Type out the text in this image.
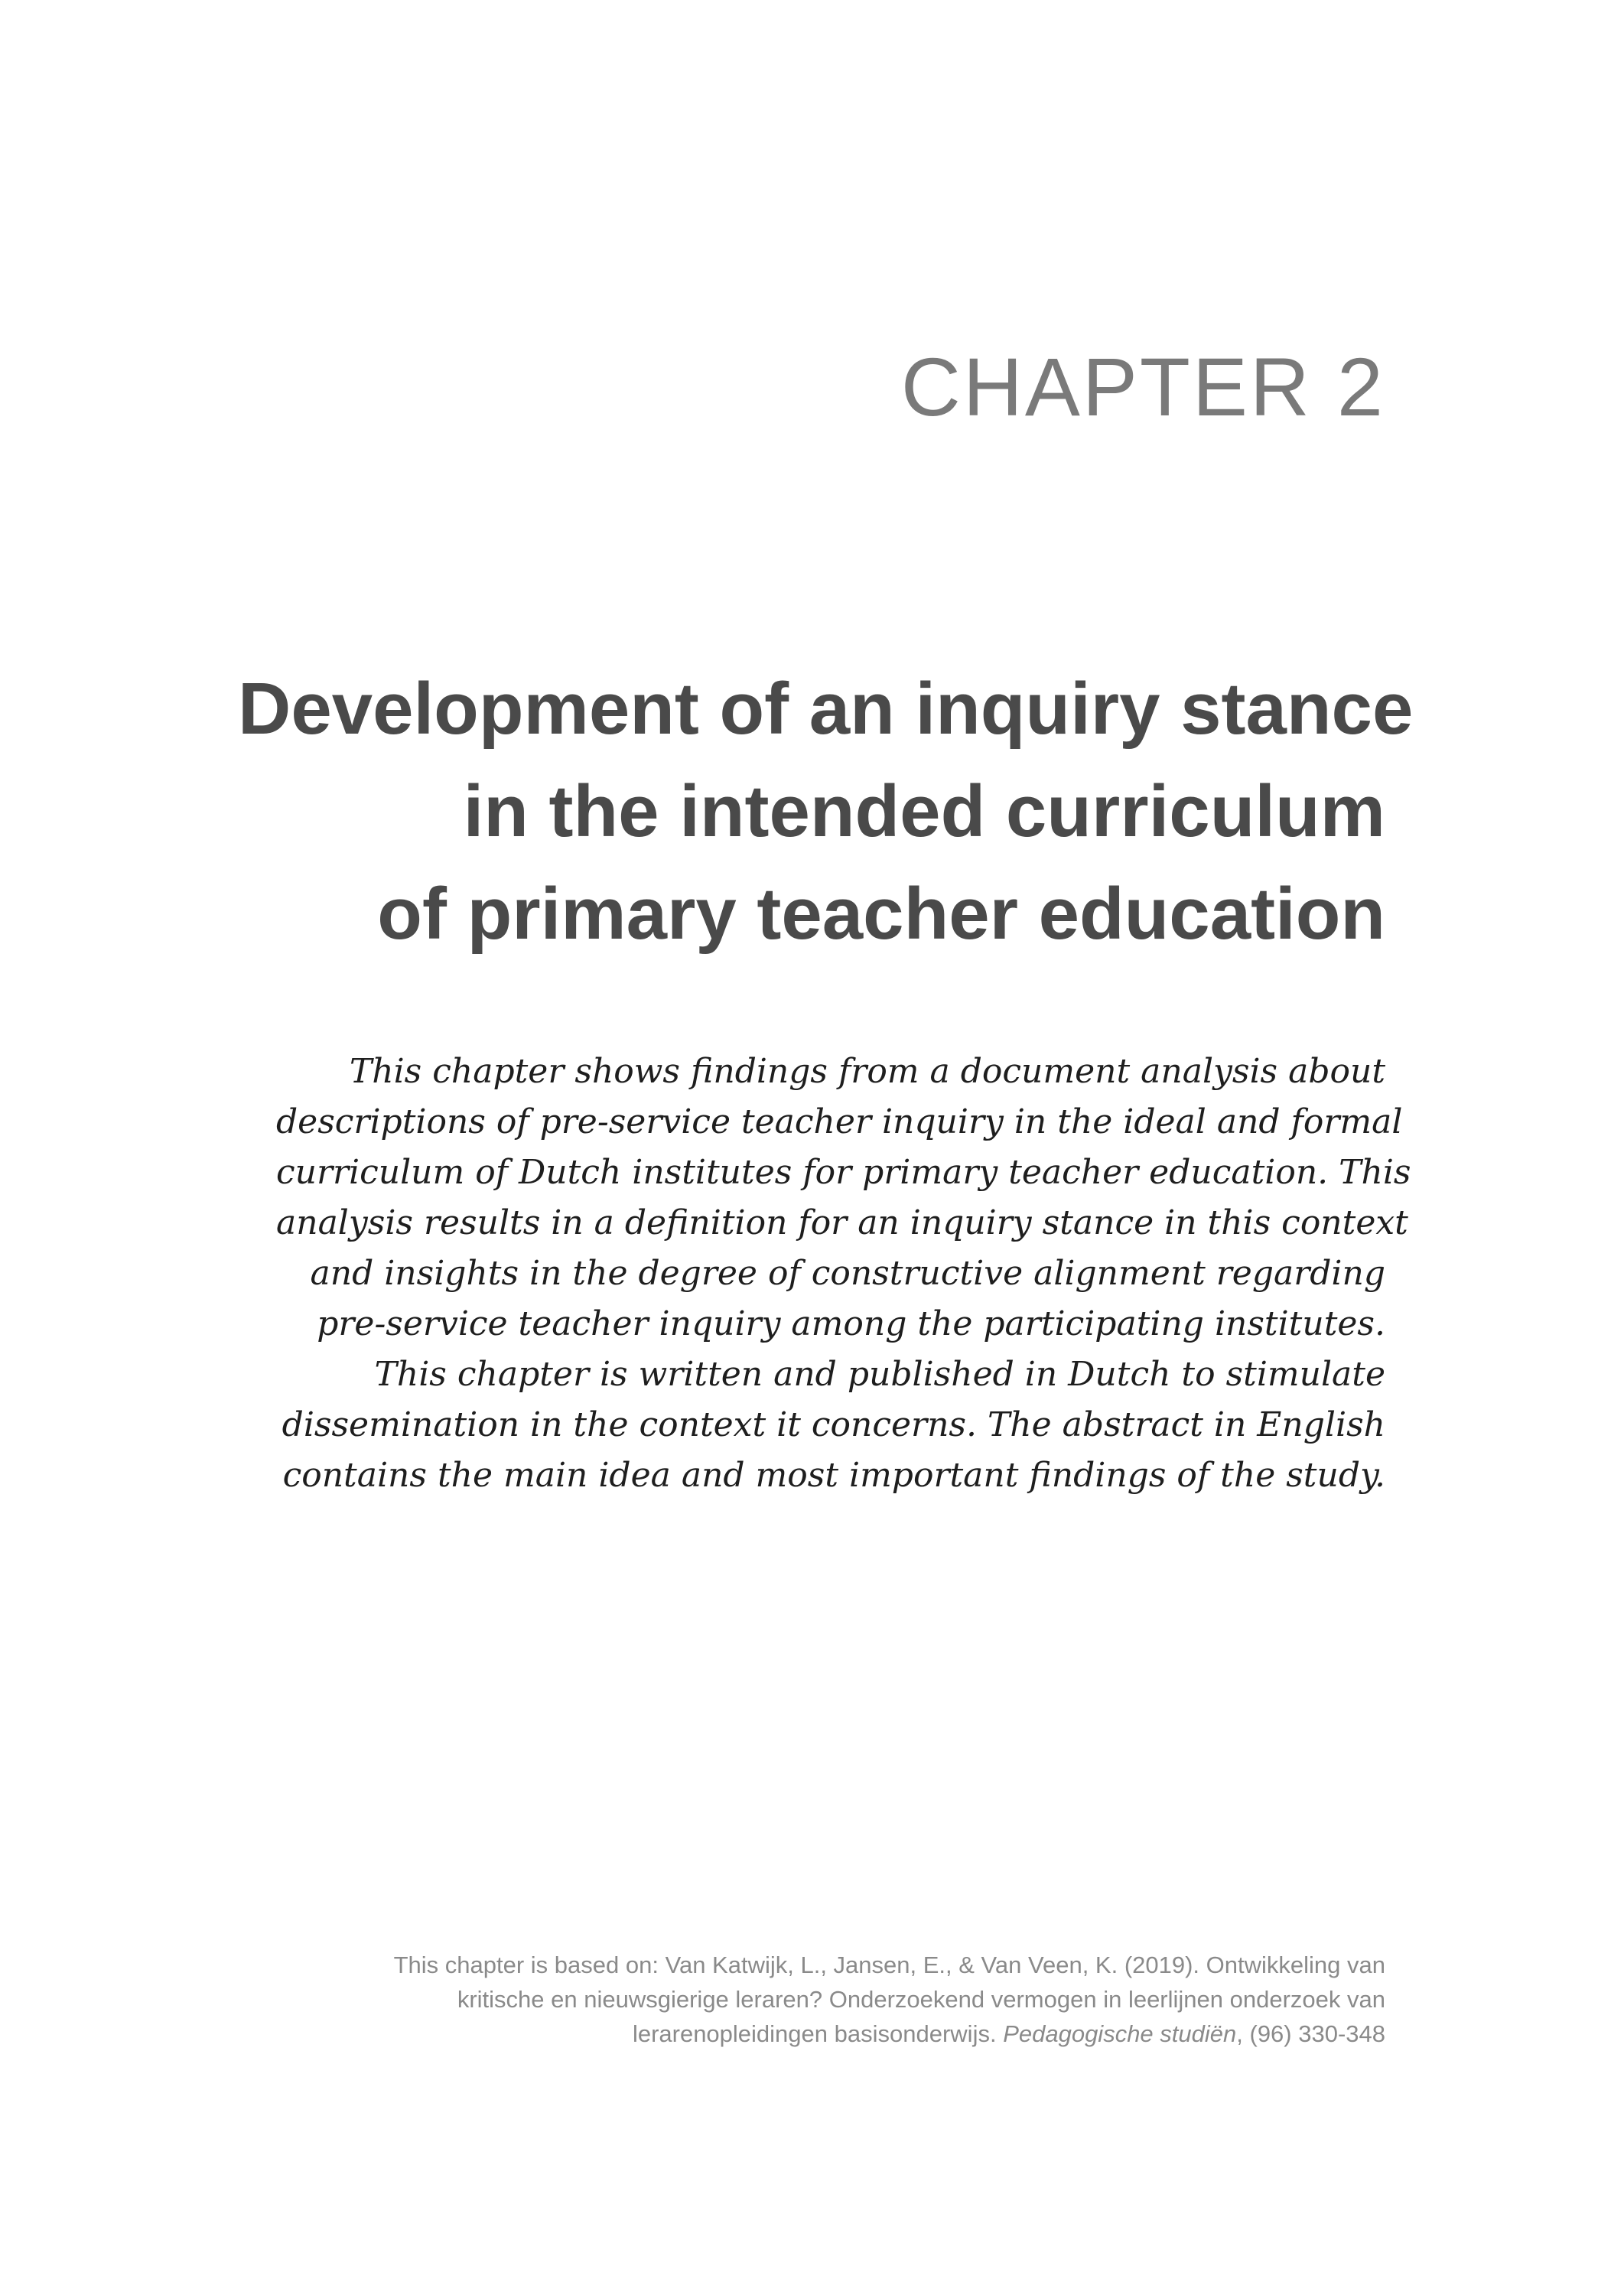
CHAPTER 2
Development of an inquiry stance
in the intended curriculum
of primary teacher education
This chapter shows findings from a document analysis about
descriptions of pre-service teacher inquiry in the ideal and formal
curriculum of Dutch institutes for primary teacher education. This
analysis results in a definition for an inquiry stance in this context
and insights in the degree of constructive alignment regarding
pre-service teacher inquiry among the participating institutes.
This chapter is written and published in Dutch to stimulate
dissemination in the context it concerns. The abstract in English
contains the main idea and most important findings of the study.
This chapter is based on: Van Katwijk, L., Jansen, E., & Van Veen, K. (2019). Ontwikkeling van
kritische en nieuwsgierige leraren? Onderzoekend vermogen in leerlijnen onderzoek van
lerarenopleidingen basisonderwijs. Pedagogische studiën, (96) 330-348
